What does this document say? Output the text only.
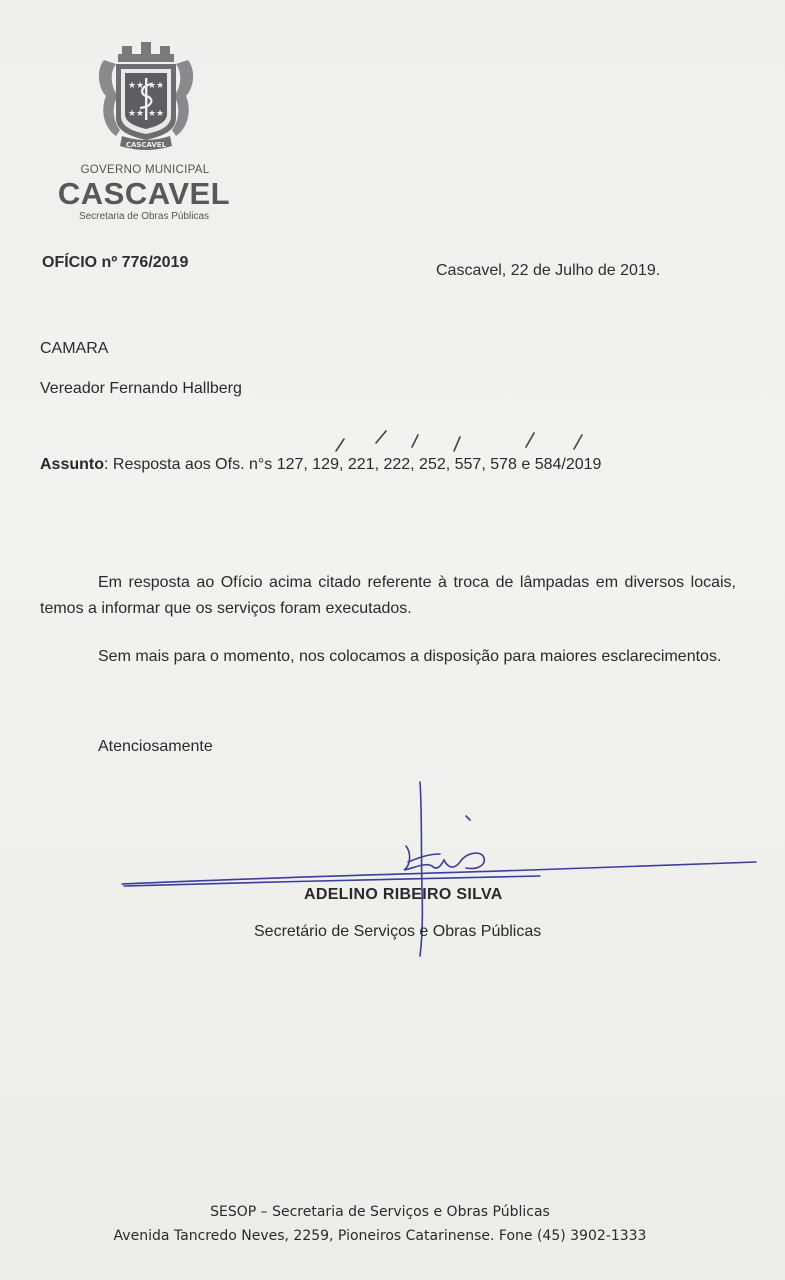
★ ★ ★ ★
★ ★ ★ ★
CASCAVEL
GOVERNO MUNICIPAL
CASCAVEL
Secretaria de Obras Públicas
OFÍCIO nº 776/2019	Cascavel, 22 de Julho de 2019.
CAMARA
Vereador Fernando Hallberg
Assunto: Resposta aos Ofs. n°s 127, 129, 221, 222, 252, 557, 578 e 584/2019
Em resposta ao Ofício acima citado referente à troca de lâmpadas em diversos locais, temos a informar que os serviços foram executados.
Sem mais para o momento, nos colocamos a disposição para maiores esclarecimentos.
Atenciosamente
ADELINO RIBEIRO SILVA
Secretário de Serviços e Obras Públicas
SESOP – Secretaria de Serviços e Obras Públicas
Avenida Tancredo Neves, 2259, Pioneiros Catarinense. Fone (45) 3902-1333
